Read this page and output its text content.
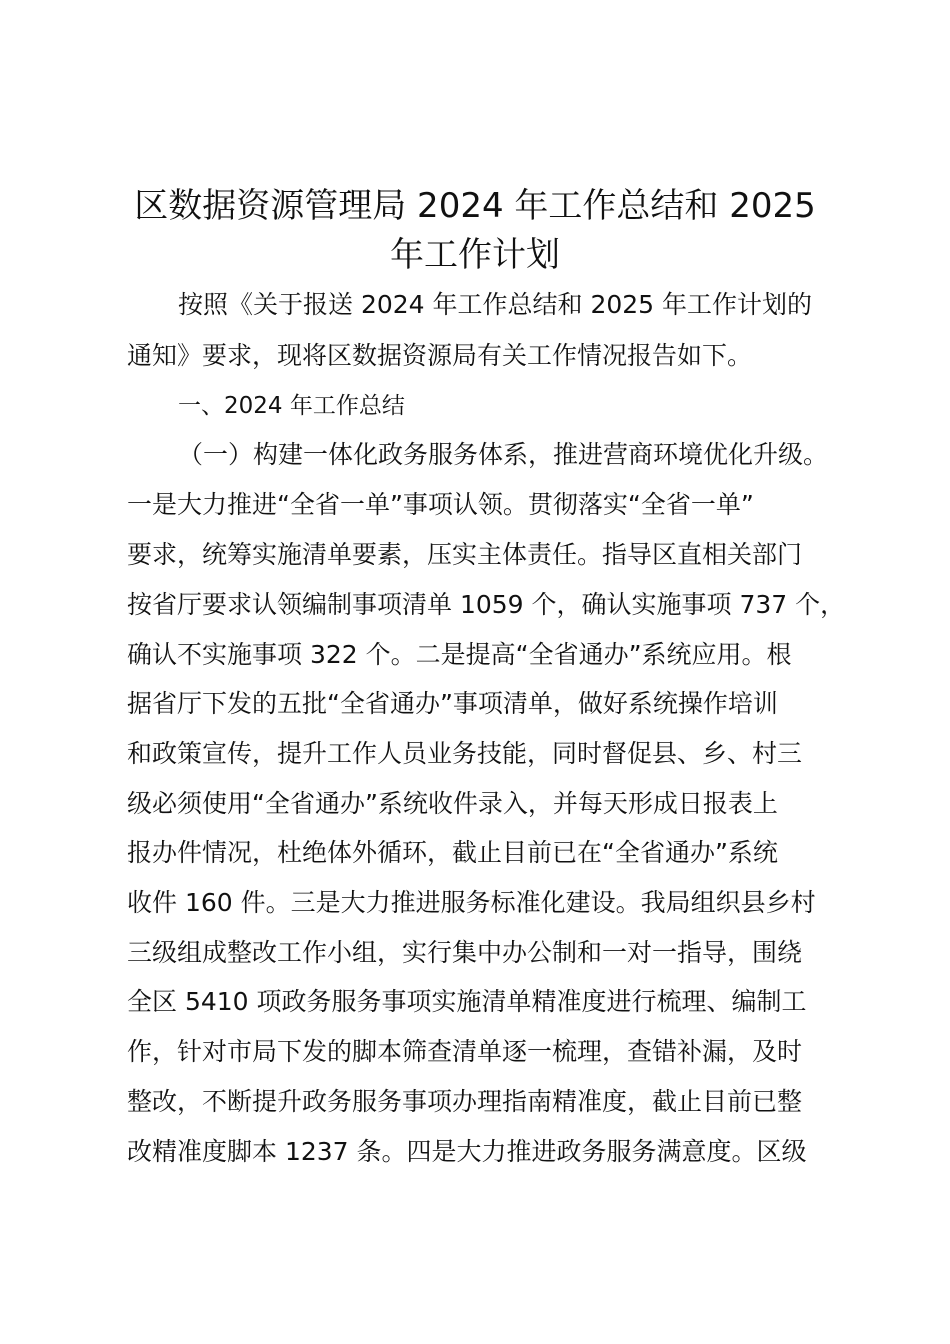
区数据资源管理局 2024 年工作总结和 2025
年工作计划
按照《关于报送 2024 年工作总结和 2025 年工作计划的
通知》要求，现将区数据资源局有关工作情况报告如下。
一、2024 年工作总结
（一）构建一体化政务服务体系，推进营商环境优化升级。
一是大力推进“全省一单”事项认领。贯彻落实“全省一单”
要求，统筹实施清单要素，压实主体责任。指导区直相关部门
按省厅要求认领编制事项清单 1059 个，确认实施事项 737 个，
确认不实施事项 322 个。二是提高“全省通办”系统应用。根
据省厅下发的五批“全省通办”事项清单，做好系统操作培训
和政策宣传，提升工作人员业务技能，同时督促县、乡、村三
级必须使用“全省通办”系统收件录入，并每天形成日报表上
报办件情况，杜绝体外循环，截止目前已在“全省通办”系统
收件 160 件。三是大力推进服务标准化建设。我局组织县乡村
三级组成整改工作小组，实行集中办公制和一对一指导，围绕
全区 5410 项政务服务事项实施清单精准度进行梳理、编制工
作，针对市局下发的脚本筛查清单逐一梳理，查错补漏，及时
整改，不断提升政务服务事项办理指南精准度，截止目前已整
改精准度脚本 1237 条。四是大力推进政务服务满意度。区级
